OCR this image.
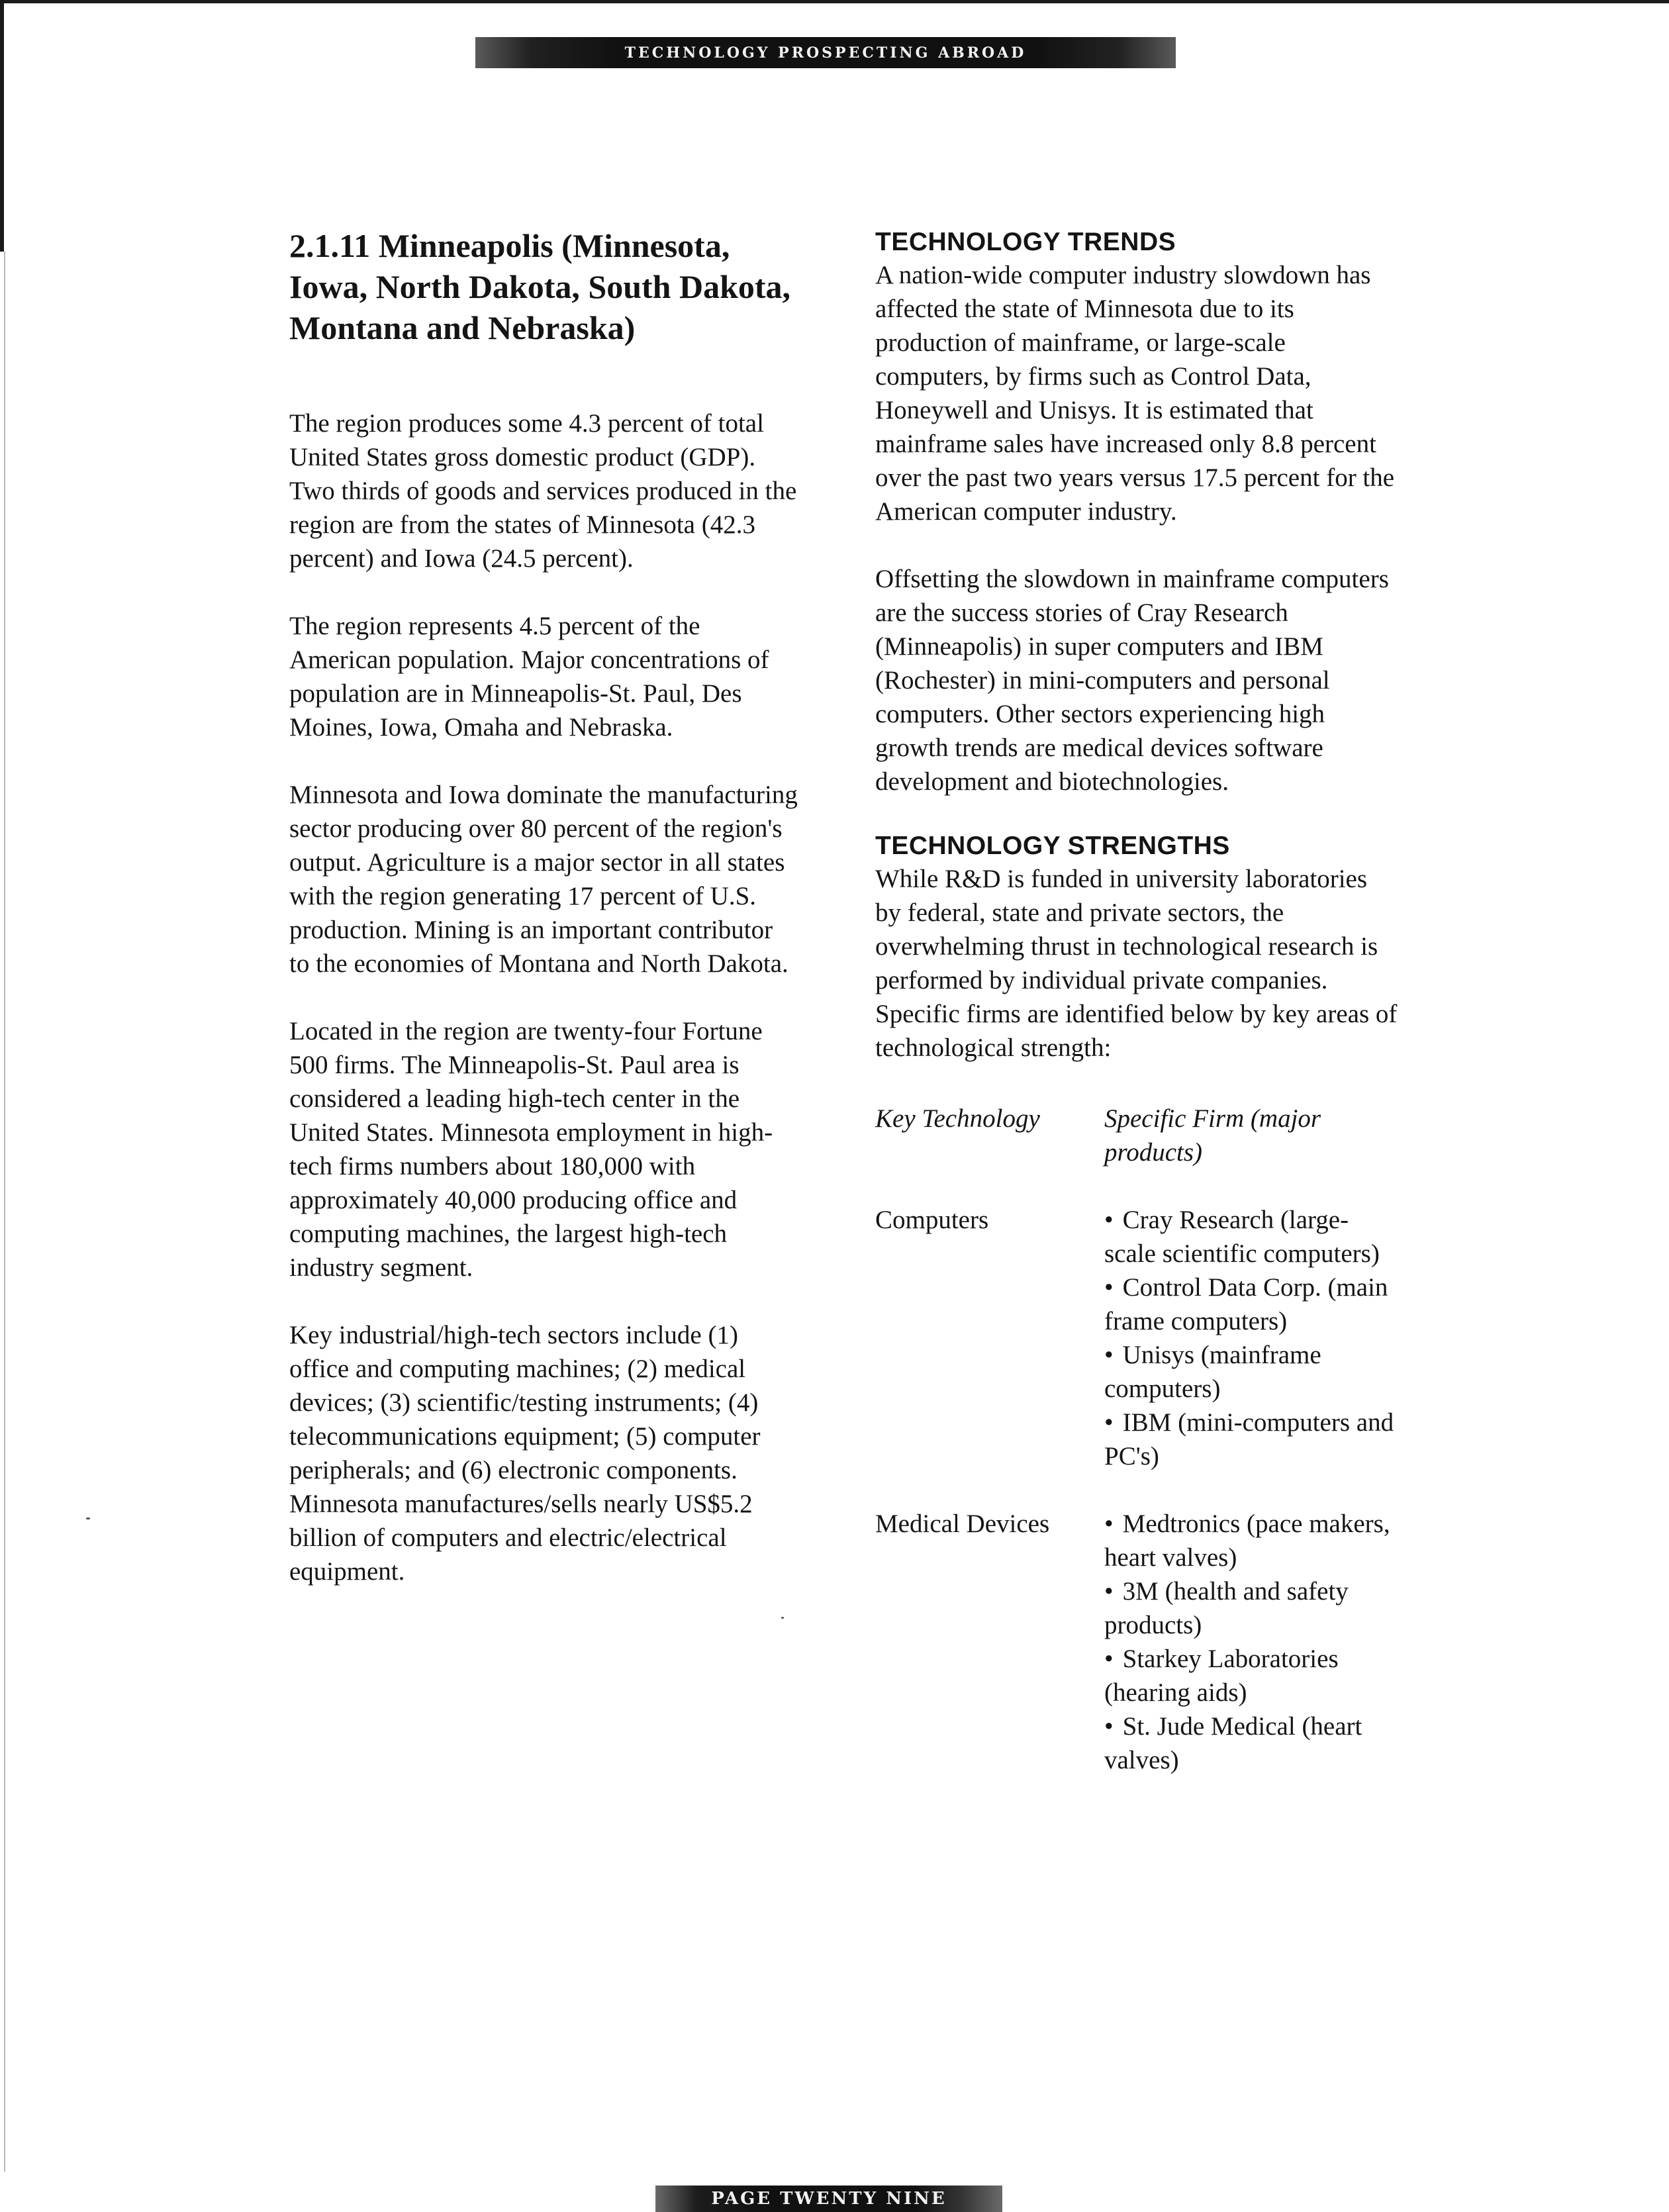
TECHNOLOGY PROSPECTING ABROAD
2.1.11 Minneapolis (Minnesota, Iowa, North Dakota, South Dakota, Montana and Nebraska)

The region produces some 4.3 percent of total United States gross domestic product (GDP). Two thirds of goods and services produced in the region are from the states of Minnesota (42.3 percent) and Iowa (24.5 percent).

The region represents 4.5 percent of the American population. Major concentrations of population are in Minneapolis-St. Paul, Des Moines, Iowa, Omaha and Nebraska.

Minnesota and Iowa dominate the manufacturing sector producing over 80 percent of the region's output. Agriculture is a major sector in all states with the region generating 17 percent of U.S. production. Mining is an important contributor to the economies of Montana and North Dakota.

Located in the region are twenty-four Fortune 500 firms. The Minneapolis-St. Paul area is considered a leading high-tech center in the United States. Minnesota employment in high-tech firms numbers about 180,000 with approximately 40,000 producing office and computing machines, the largest high-tech industry segment.

Key industrial/high-tech sectors include (1) office and computing machines; (2) medical devices; (3) scientific/testing instruments; (4) telecommunications equipment; (5) computer peripherals; and (6) electronic components. Minnesota manufactures/sells nearly US$5.2 billion of computers and electric/electrical equipment.

TECHNOLOGY TRENDS

A nation-wide computer industry slowdown has affected the state of Minnesota due to its production of mainframe, or large-scale computers, by firms such as Control Data, Honeywell and Unisys. It is estimated that mainframe sales have increased only 8.8 percent over the past two years versus 17.5 percent for the American computer industry.

Offsetting the slowdown in mainframe computers are the success stories of Cray Research (Minneapolis) in super computers and IBM (Rochester) in mini-computers and personal computers. Other sectors experiencing high growth trends are medical devices software development and biotechnologies.

TECHNOLOGY STRENGTHS

While R&D is funded in university laboratories by federal, state and private sectors, the overwhelming thrust in technological research is performed by individual private companies. Specific firms are identified below by key areas of technological strength:

Key Technology	Specific Firm (major products)
Computers	• Cray Research (large-scale scientific computers)

• Control Data Corp. (main frame computers)

• Unisys (mainframe computers)

• IBM (mini-computers and PC's)

Medical Devices	• Medtronics (pace makers, heart valves)

• 3M (health and safety products)

• Starkey Laboratories (hearing aids)

• St. Jude Medical (heart valves)

PAGE TWENTY NINE
